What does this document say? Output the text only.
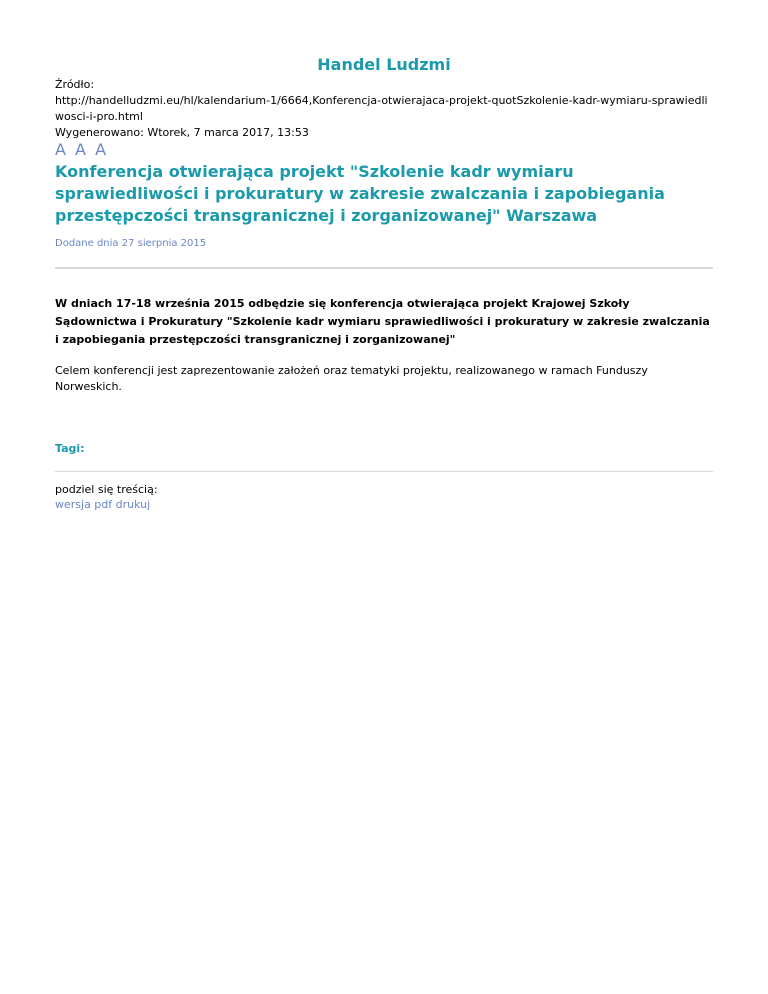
Handel Ludzmi
Źródło:
http://handelludzmi.eu/hl/kalendarium-1/6664,Konferencja-otwierajaca-projekt-quotSzkolenie-kadr-wymiaru-sprawiedliwosci-i-pro.html
Wygenerowano: Wtorek, 7 marca 2017, 13:53
A A A
Konferencja otwierająca projekt "Szkolenie kadr wymiaru sprawiedliwości i prokuratury w zakresie zwalczania i zapobiegania przestępczości transgranicznej i zorganizowanej" Warszawa
Dodane dnia 27 sierpnia 2015
W dniach 17-18 września 2015 odbędzie się konferencja otwierająca projekt Krajowej Szkoły Sądownictwa i Prokuratury "Szkolenie kadr wymiaru sprawiedliwości i prokuratury w zakresie zwalczania i zapobiegania przestępczości transgranicznej i zorganizowanej"
Celem konferencji jest zaprezentowanie założeń oraz tematyki projektu, realizowanego w ramach Funduszy Norweskich.
Tagi:
podziel się treścią:
wersja pdf drukuj
